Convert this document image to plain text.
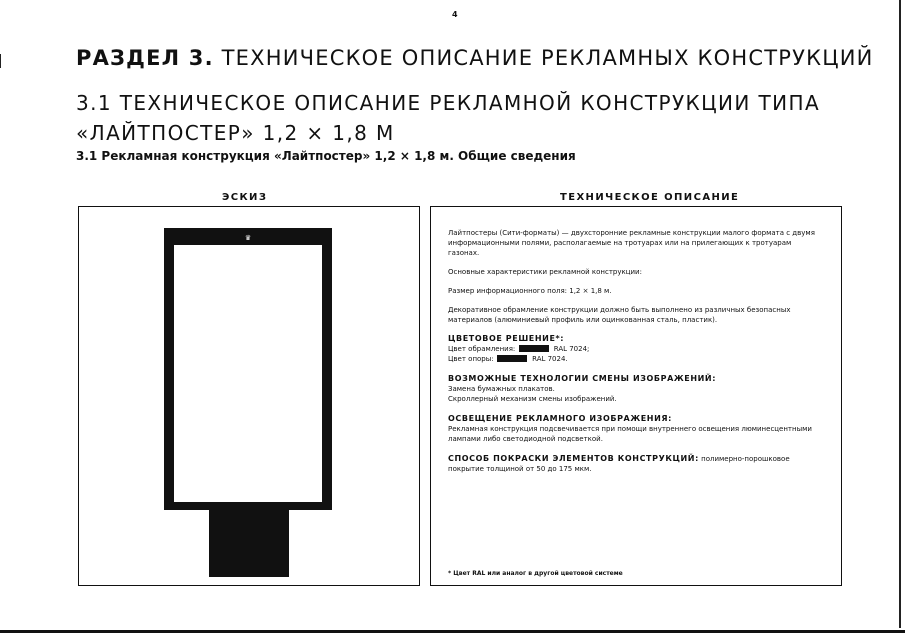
4
РАЗДЕЛ 3. ТЕХНИЧЕСКОЕ ОПИСАНИЕ РЕКЛАМНЫХ КОНСТРУКЦИЙ
3.1 ТЕХНИЧЕСКОЕ ОПИСАНИЕ РЕКЛАМНОЙ КОНСТРУКЦИИ ТИПА «ЛАЙТПОСТЕР» 1,2 × 1,8 М
3.1 Рекламная конструкция «Лайтпостер» 1,2 × 1,8 м. Общие сведения
ЭСКИЗ	ТЕХНИЧЕСКОЕ ОПИСАНИЕ
♛

Лайтпостеры (Сити-форматы) — двухсторонние рекламные конструкции малого формата с двумя информационными полями, располагаемые на тротуарах или на прилегающих к тротуарам газонах.

Основные характеристики рекламной конструкции:

Размер информационного поля: 1,2 × 1,8 м.

Декоративное обрамление конструкции должно быть выполнено из различных безопасных материалов (алюминиевый профиль или оцинкованная сталь, пластик).

ЦВЕТОВОЕ РЕШЕНИЕ*:

Цвет обрамления:	RAL 7024;

Цвет опоры:	RAL 7024.

ВОЗМОЖНЫЕ ТЕХНОЛОГИИ СМЕНЫ ИЗОБРАЖЕНИЙ:

Замена бумажных плакатов.

Скроллерный механизм смены изображений.

ОСВЕЩЕНИЕ РЕКЛАМНОГО ИЗОБРАЖЕНИЯ:

Рекламная конструкция подсвечивается при помощи внутреннего освещения люминесцентными лампами либо светодиодной подсветкой.

СПОСОБ ПОКРАСКИ ЭЛЕМЕНТОВ КОНСТРУКЦИЙ: полимерно-порошковое покрытие толщиной от 50 до 175 мкм.

* Цвет RAL или аналог в другой цветовой системе
